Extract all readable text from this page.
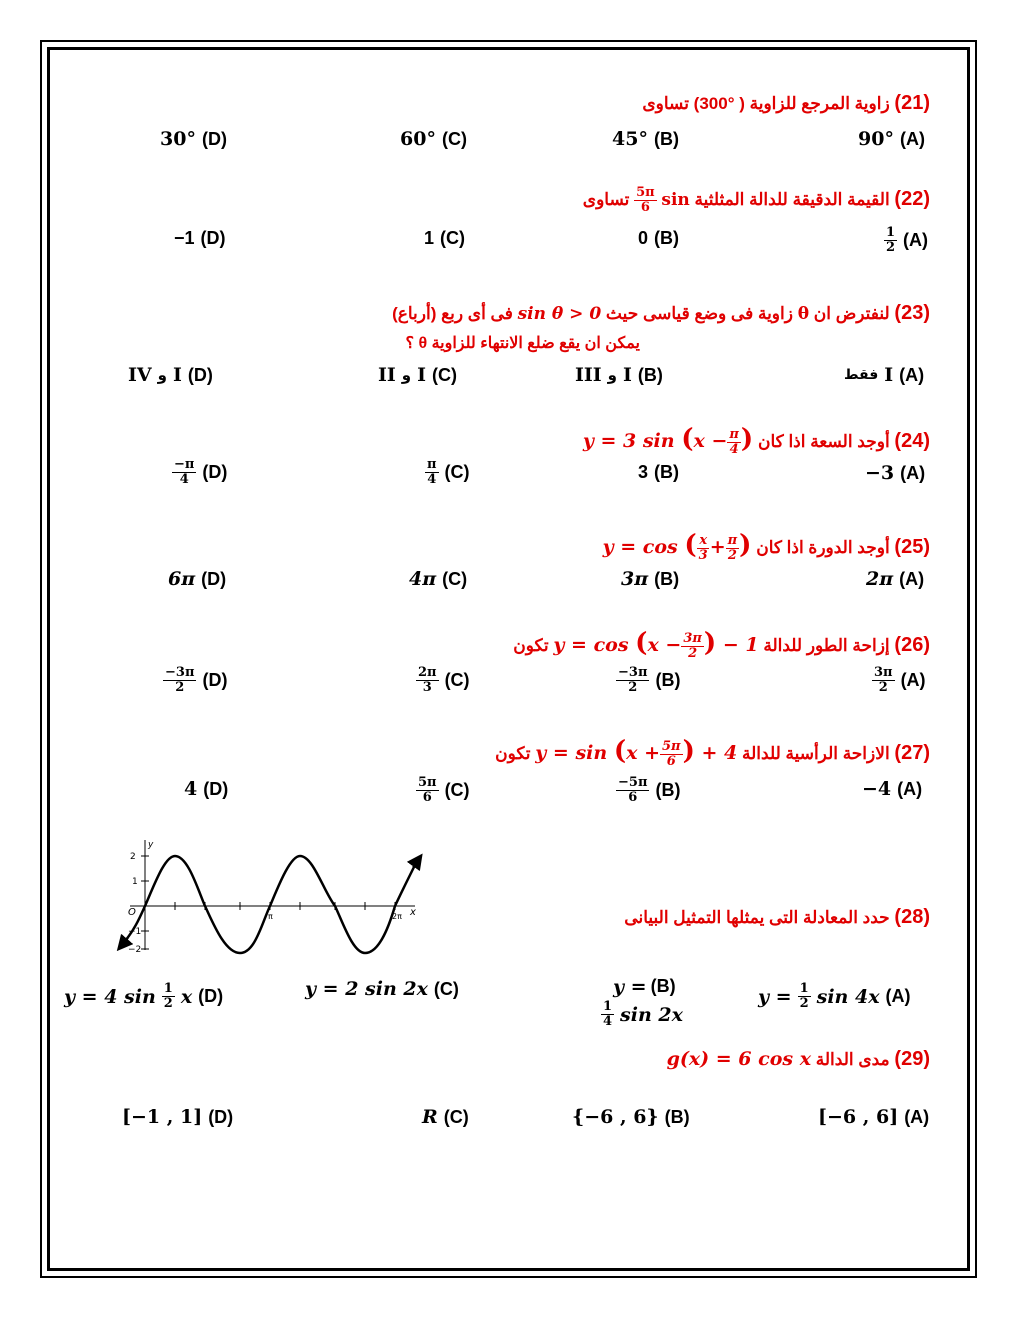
(21) زاوية المرجع للزاوية ( °300) تساوى
90° (A)
45° (B)
60° (C)
30° (D)
(22) القيمة الدقيقة للدالة المثلثية sin
$\frac{5\pi}{6}$
تساوى
$\frac{1}{2} (A)$
0 (B)
1 (C)
−1 (D)
(23) لنفترض ان θ زاوية فى وضع قياسى حيث sin θ > 0 فى أى ربع (أرباع)
يمكن ان يقع ضلع الانتهاء للزاوية θ ؟
فقط I (A)
III و I (B)
II و I (C)
IV و I (D)
(24) أوجد السعة اذا كان y = 3 $\sin (x - \frac{\pi}{4}$ )
−3 (A)
3 (B)
$\frac{\pi}{4} (C)$
$\frac{-\pi}{4} (D)$
(25) أوجد الدورة اذا كان y = cos ( $\frac{x}{3} + \frac{\pi}{2}$ )
2π (A)
3π (B)
4π (C)
6π (D)
(26) إزاحة الطور للدالة $y = \cos (x - \frac{3\pi}{2}$ ) − 1 تكون
$\frac{3\pi}{2} (A)$
$\frac{-3\pi}{2} (B)$
$\frac{2\pi}{3} (C)$
$\frac{-3\pi}{2} (D)$
(27) الازاحة الرأسية للدالة $y = \sin (x + \frac{5\pi}{6}$ ) + 4 تكون
−4 (A)
$\frac{-5\pi}{6} (B)$
$\frac{5\pi}{6} (C)$
4 (D)
y
x
O
2
1
−1
−2
π	2π	(28) حدد المعادلة التى يمثلها التمثيل البيانى
$y = \frac{1}{2}$ sin 4x (A)
y = (B)
$\frac{1}{4}$ sin 2x
y = 2 sin 2x (C)
y = 4 $\sin \frac{1}{2}$ x (D)
(29) مدى الدالة g(x) = 6 cos x
[−6 , 6] (A)
{−6 , 6} (B)
R (C)
[−1 , 1] (D)
